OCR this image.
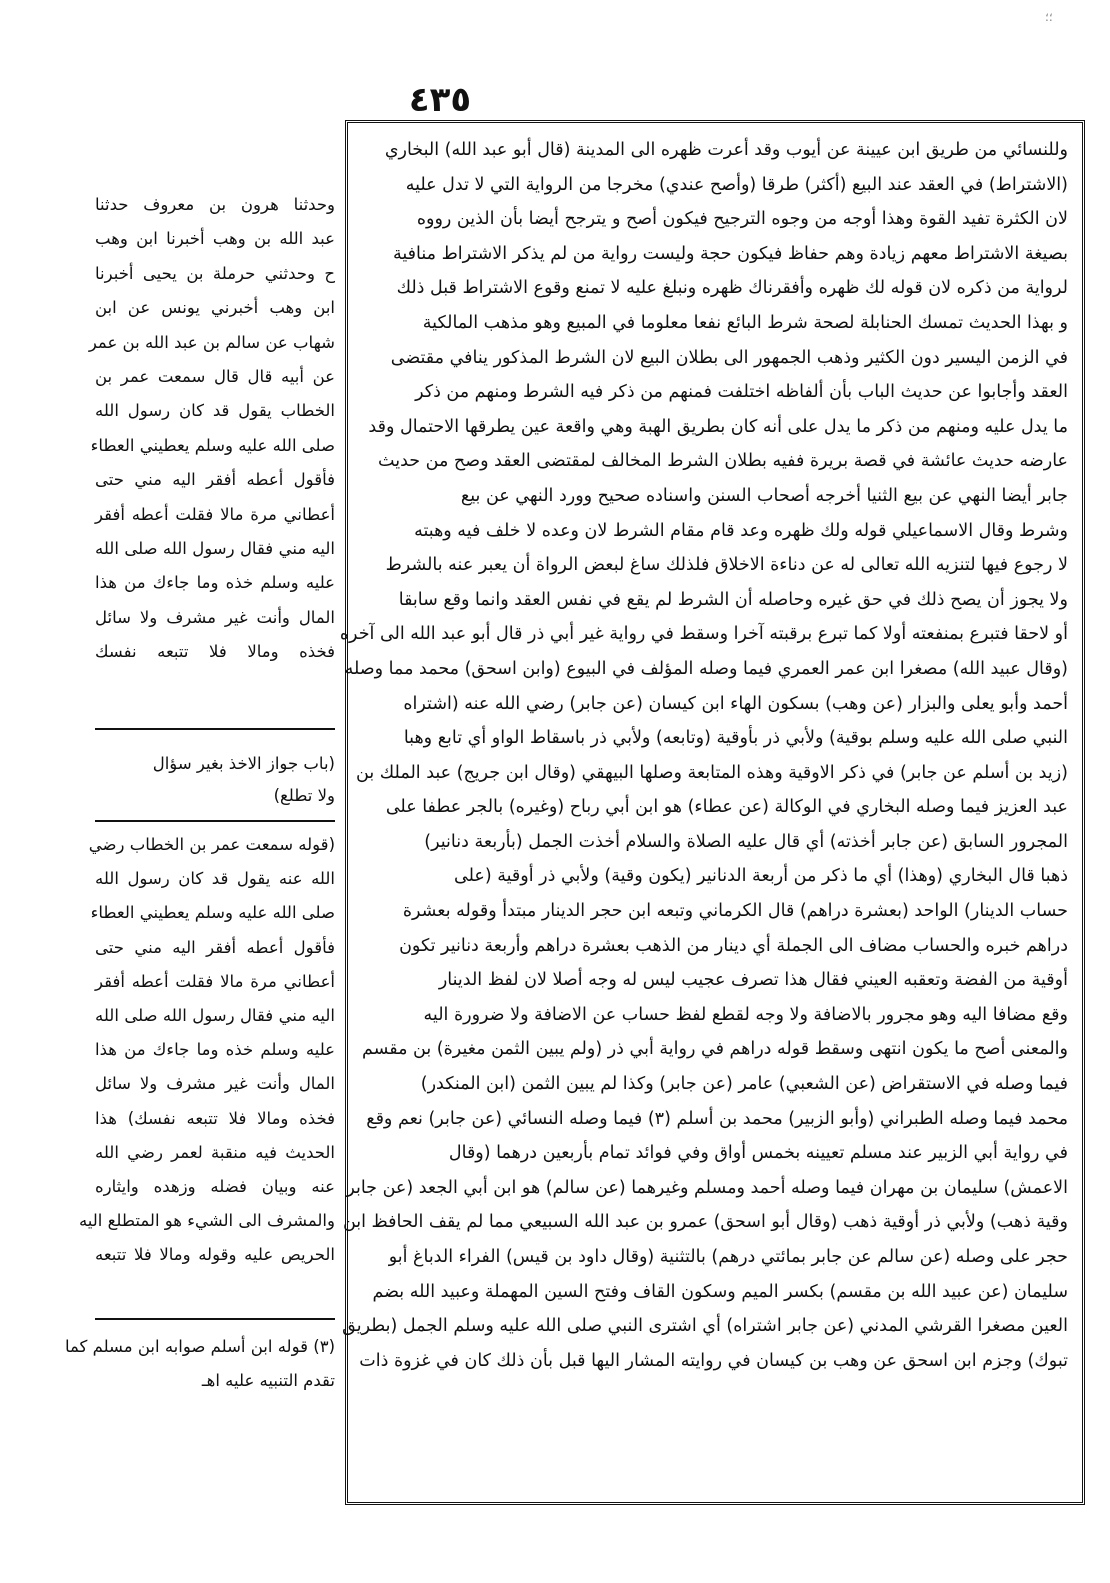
٤٣٥
؛؛
وللنسائي من طريق ابن عيينة عن أيوب وقد أعرت ظهره الى المدينة (قال أبو عبد الله) البخاري
(الاشتراط) في العقد عند البيع (أكثر) طرقا (وأصح عندي) مخرجا من الرواية التي لا تدل عليه
لان الكثرة تفيد القوة وهذا أوجه من وجوه الترجيح فيكون أصح و يترجح أيضا بأن الذين رووه
بصيغة الاشتراط معهم زيادة وهم حفاظ فيكون حجة وليست رواية من لم يذكر الاشتراط منافية
لرواية من ذكره لان قوله لك ظهره وأفقرناك ظهره ونبلغ عليه لا تمنع وقوع الاشتراط قبل ذلك
و بهذا الحديث تمسك الحنابلة لصحة شرط البائع نفعا معلوما في المبيع وهو مذهب المالكية
في الزمن اليسير دون الكثير وذهب الجمهور الى بطلان البيع لان الشرط المذكور ينافي مقتضى
العقد وأجابوا عن حديث الباب بأن ألفاظه اختلفت فمنهم من ذكر فيه الشرط ومنهم من ذكر
ما يدل عليه ومنهم من ذكر ما يدل على أنه كان بطريق الهبة وهي واقعة عين يطرقها الاحتمال وقد
عارضه حديث عائشة في قصة بريرة ففيه بطلان الشرط المخالف لمقتضى العقد وصح من حديث
جابر أيضا النهي عن بيع الثنيا أخرجه أصحاب السنن واسناده صحيح وورد النهي عن بيع
وشرط وقال الاسماعيلي قوله ولك ظهره وعد قام مقام الشرط لان وعده لا خلف فيه وهبته
لا رجوع فيها لتنزيه الله تعالى له عن دناءة الاخلاق فلذلك ساغ لبعض الرواة أن يعبر عنه بالشرط
ولا يجوز أن يصح ذلك في حق غيره وحاصله أن الشرط لم يقع في نفس العقد وانما وقع سابقا
أو لاحقا فتبرع بمنفعته أولا كما تبرع برقبته آخرا وسقط في رواية غير أبي ذر قال أبو عبد الله الى آخره
(وقال عبيد الله) مصغرا ابن عمر العمري فيما وصله المؤلف في البيوع (وابن اسحق) محمد مما وصله
أحمد وأبو يعلى والبزار (عن وهب) بسكون الهاء ابن كيسان (عن جابر) رضي الله عنه (اشتراه
النبي صلى الله عليه وسلم بوقية) ولأبي ذر بأوقية (وتابعه) ولأبي ذر باسقاط الواو أي تابع وهبا
(زيد بن أسلم عن جابر) في ذكر الاوقية وهذه المتابعة وصلها البيهقي (وقال ابن جريج) عبد الملك بن
عبد العزيز فيما وصله البخاري في الوكالة (عن عطاء) هو ابن أبي رباح (وغيره) بالجر عطفا على
المجرور السابق (عن جابر أخذته) أي قال عليه الصلاة والسلام أخذت الجمل (بأربعة دنانير)
ذهبا قال البخاري (وهذا) أي ما ذكر من أربعة الدنانير (يكون وقية) ولأبي ذر أوقية (على
حساب الدينار) الواحد (بعشرة دراهم) قال الكرماني وتبعه ابن حجر الدينار مبتدأ وقوله بعشرة
دراهم خبره والحساب مضاف الى الجملة أي دينار من الذهب بعشرة دراهم وأربعة دنانير تكون
أوقية من الفضة وتعقبه العيني فقال هذا تصرف عجيب ليس له وجه أصلا لان لفظ الدينار
وقع مضافا اليه وهو مجرور بالاضافة ولا وجه لقطع لفظ حساب عن الاضافة ولا ضرورة اليه
والمعنى أصح ما يكون انتهى وسقط قوله دراهم في رواية أبي ذر (ولم يبين الثمن مغيرة) بن مقسم
فيما وصله في الاستقراض (عن الشعبي) عامر (عن جابر) وكذا لم يبين الثمن (ابن المنكدر)
محمد فيما وصله الطبراني (وأبو الزبير) محمد بن أسلم (٣) فيما وصله النسائي (عن جابر) نعم وقع
في رواية أبي الزبير عند مسلم تعيينه بخمس أواق وفي فوائد تمام بأربعين درهما (وقال
الاعمش) سليمان بن مهران فيما وصله أحمد ومسلم وغيرهما (عن سالم) هو ابن أبي الجعد (عن جابر
وقية ذهب) ولأبي ذر أوقية ذهب (وقال أبو اسحق) عمرو بن عبد الله السبيعي مما لم يقف الحافظ ابن
حجر على وصله (عن سالم عن جابر بمائتي درهم) بالتثنية (وقال داود بن قيس) الفراء الدباغ أبو
سليمان (عن عبيد الله بن مقسم) بكسر الميم وسكون القاف وفتح السين المهملة وعبيد الله بضم
العين مصغرا القرشي المدني (عن جابر اشتراه) أي اشترى النبي صلى الله عليه وسلم الجمل (بطريق
تبوك) وجزم ابن اسحق عن وهب بن كيسان في روايته المشار اليها قبل بأن ذلك كان في غزوة ذات
وحدثنا هرون بن معروف حدثنا
عبد الله بن وهب أخبرنا ابن وهب
ح وحدثني حرملة بن يحيى أخبرنا
ابن وهب أخبرني يونس عن ابن
شهاب عن سالم بن عبد الله بن عمر
عن أبيه قال قال سمعت عمر بن
الخطاب يقول قد كان رسول الله
صلى الله عليه وسلم يعطيني العطاء
فأقول أعطه أفقر اليه مني حتى
أعطاني مرة مالا فقلت أعطه أفقر
اليه مني فقال رسول الله صلى الله
عليه وسلم خذه وما جاءك من هذا
المال وأنت غير مشرف ولا سائل
فخذه ومالا فلا تتبعه نفسك
(باب جواز الاخذ بغير سؤال
ولا تطلع)
(قوله سمعت عمر بن الخطاب رضي
الله عنه يقول قد كان رسول الله
صلى الله عليه وسلم يعطيني العطاء
فأقول أعطه أفقر اليه مني حتى
أعطاني مرة مالا فقلت أعطه أفقر
اليه مني فقال رسول الله صلى الله
عليه وسلم خذه وما جاءك من هذا
المال وأنت غير مشرف ولا سائل
فخذه ومالا فلا تتبعه نفسك) هذا
الحديث فيه منقبة لعمر رضي الله
عنه وبيان فضله وزهده وايثاره
والمشرف الى الشيء هو المتطلع اليه
الحريص عليه وقوله ومالا فلا تتبعه
(٣) قوله ابن أسلم صوابه ابن مسلم كما
تقدم التنبيه عليه اهـ
